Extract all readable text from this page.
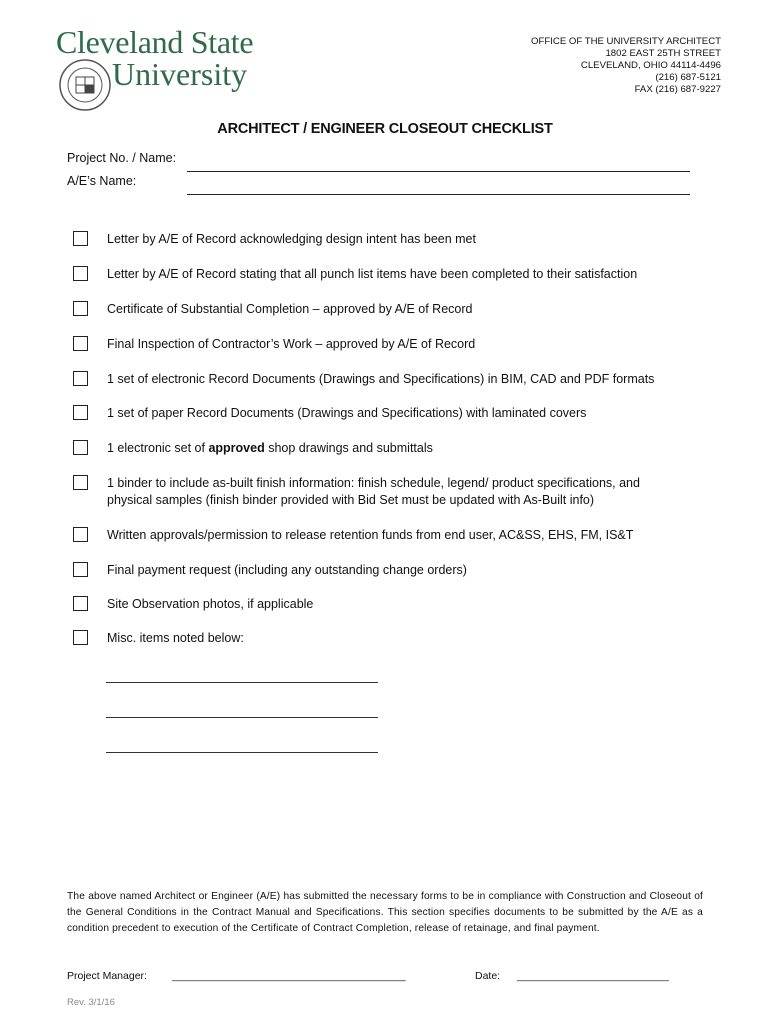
Cleveland State
University
OFFICE OF THE UNIVERSITY ARCHITECT
1802 EAST 25TH STREET
CLEVELAND, OHIO 44114-4496
(216) 687-5121
FAX (216) 687-9227
ARCHITECT / ENGINEER CLOSEOUT CHECKLIST
Project No. / Name:
A/E’s Name:
Letter by A/E of Record acknowledging design intent has been met
Letter by A/E of Record stating that all punch list items have been completed to their satisfaction
Certificate of Substantial Completion – approved by A/E of Record
Final Inspection of Contractor’s Work – approved by A/E of Record
1 set of electronic Record Documents (Drawings and Specifications) in BIM, CAD and PDF formats
1 set of paper Record Documents (Drawings and Specifications) with laminated covers
1 electronic set of approved shop drawings and submittals
1 binder to include as-built finish information: finish schedule, legend/ product specifications, and physical samples (finish binder provided with Bid Set must be updated with As-Built info)
Written approvals/permission to release retention funds from end user, AC&SS, EHS, FM, IS&T
Final payment request (including any outstanding change orders)
Site Observation photos, if applicable
Misc. items noted below:
The above named Architect or Engineer (A/E) has submitted the necessary forms to be in compliance with Construction and Closeout of the General Conditions in the Contract Manual and Specifications. This section specifies documents to be submitted by the A/E as a condition precedent to execution of the Certificate of Contract Completion, release of retainage, and final payment.
Project Manager: ________________________________________	Date: __________________________
Rev. 3/1/16
